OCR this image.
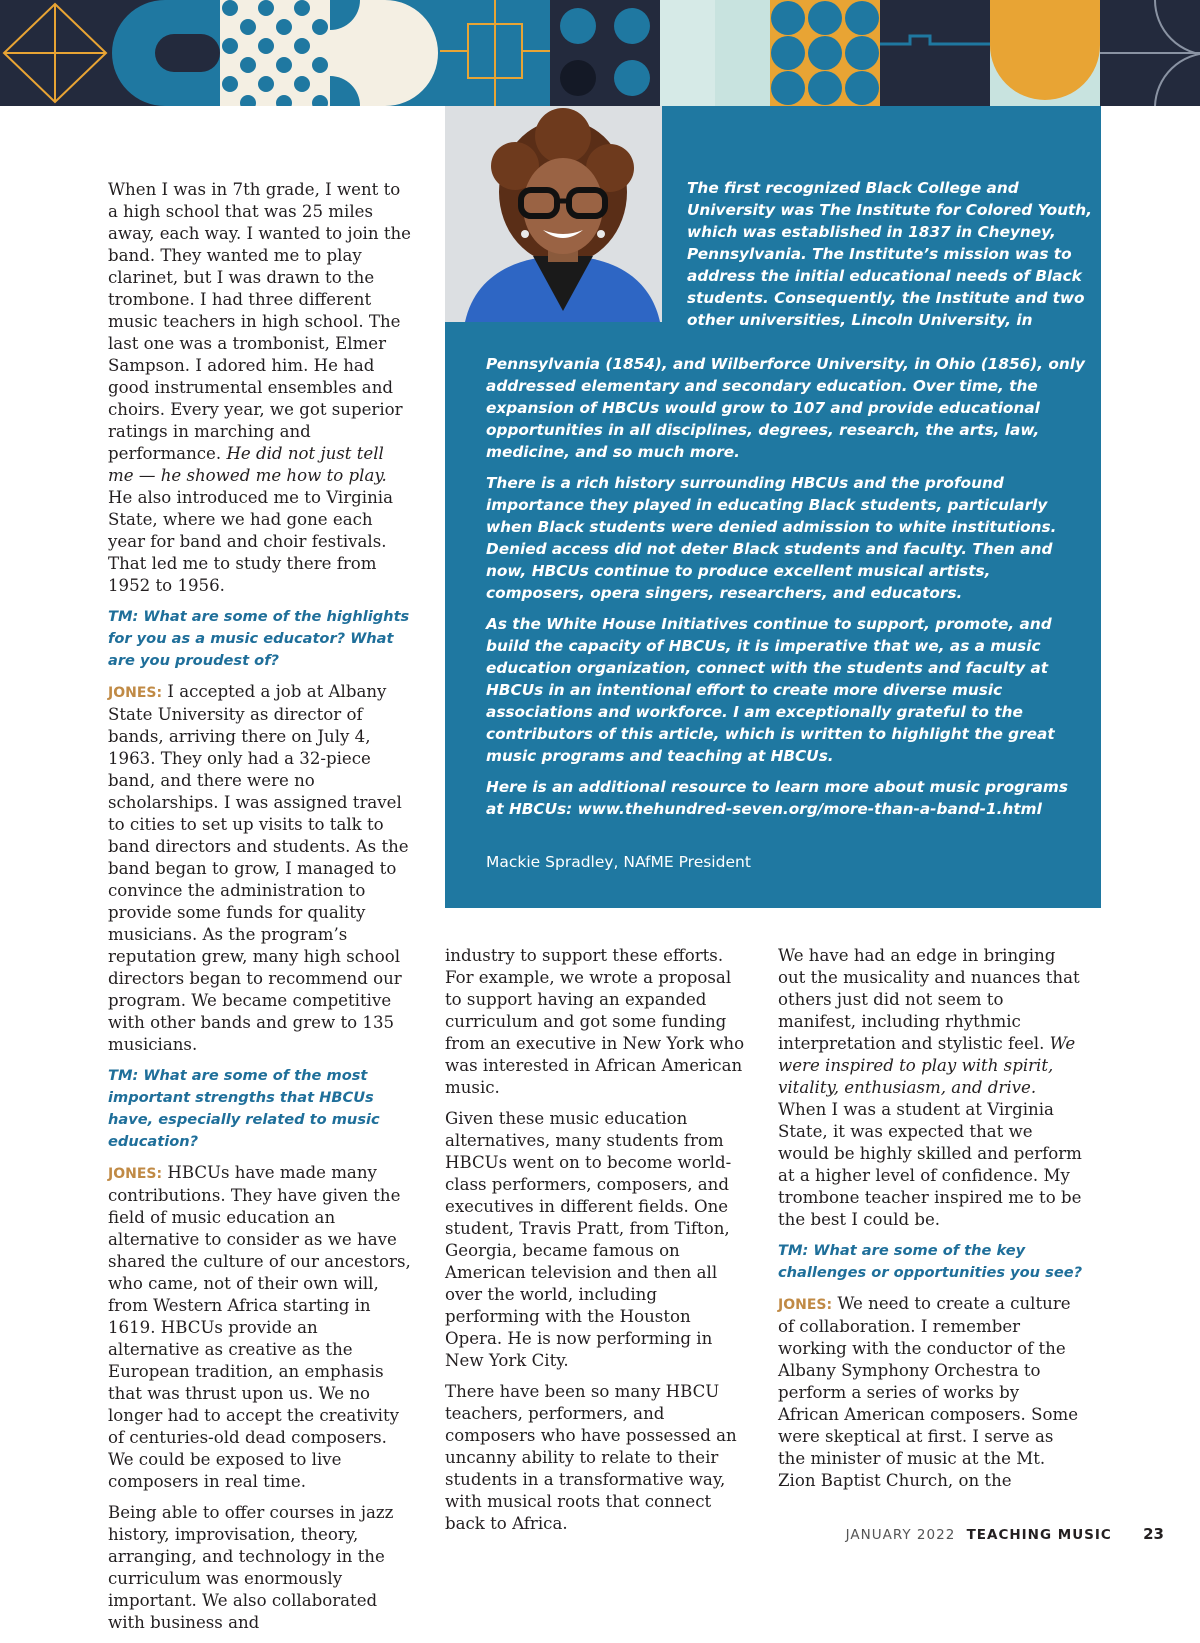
When I was in 7th grade, I went to a high school that was 25 miles away, each way. I wanted to join the band. They wanted me to play clarinet, but I was drawn to the trombone. I had three different music teachers in high school. The last one was a trombonist, Elmer Sampson. I adored him. He had good instrumental ensembles and choirs. Every year, we got superior ratings in marching and performance. He did not just tell me — he showed me how to play. He also introduced me to Virginia State, where we had gone each year for band and choir festivals. That led me to study there from 1952 to 1956.

TM: What are some of the highlights for you as a music educator? What are you proudest of?

JONES: I accepted a job at Albany State University as director of bands, arriving there on July 4, 1963. They only had a 32-piece band, and there were no scholarships. I was assigned travel to cities to set up visits to talk to band directors and students. As the band began to grow, I managed to convince the administration to provide some funds for quality musicians. As the program’s reputation grew, many high school directors began to recommend our program. We became competitive with other bands and grew to 135 musicians.

TM: What are some of the most important strengths that HBCUs have, especially related to music education?

JONES: HBCUs have made many contributions. They have given the field of music education an alternative to consider as we have shared the culture of our ancestors, who came, not of their own will, from Western Africa starting in 1619. HBCUs provide an alternative as creative as the European tradition, an emphasis that was thrust upon us. We no longer had to accept the creativity of centuries-old dead composers. We could be exposed to live composers in real time.

Being able to offer courses in jazz history, improvisation, theory, arranging, and technology in the curriculum was enormously important. We also collaborated with business and

The first recognized Black College and University was The Institute for Colored Youth, which was established in 1837 in Cheyney, Pennsylvania. The Institute’s mission was to address the initial educational needs of Black students. Consequently, the Institute and two other universities, Lincoln University, in
Pennsylvania (1854), and Wilberforce University, in Ohio (1856), only addressed elementary and secondary education. Over time, the expansion of HBCUs would grow to 107 and provide educational opportunities in all disciplines, degrees, research, the arts, law, medicine, and so much more.

There is a rich history surrounding HBCUs and the profound importance they played in educating Black students, particularly when Black students were denied admission to white institutions. Denied access did not deter Black students and faculty. Then and now, HBCUs continue to produce excellent musical artists, composers, opera singers, researchers, and educators.

As the White House Initiatives continue to support, promote, and build the capacity of HBCUs, it is imperative that we, as a music education organization, connect with the students and faculty at HBCUs in an intentional effort to create more diverse music associations and workforce. I am exceptionally grateful to the contributors of this article, which is written to highlight the great music programs and teaching at HBCUs.

Here is an additional resource to learn more about music programs at HBCUs: www.thehundred-seven.org/more-than-a-band-1.html

Mackie Spradley, NAfME President

industry to support these efforts. For example, we wrote a proposal to support having an expanded curriculum and got some funding from an executive in New York who was interested in African American music.

Given these music education alternatives, many students from HBCUs went on to become world-class performers, composers, and executives in different fields. One student, Travis Pratt, from Tifton, Georgia, became famous on American television and then all over the world, including performing with the Houston Opera. He is now performing in New York City.

There have been so many HBCU teachers, performers, and composers who have possessed an uncanny ability to relate to their students in a transformative way, with musical roots that connect back to Africa.

We have had an edge in bringing out the musicality and nuances that others just did not seem to manifest, including rhythmic interpretation and stylistic feel. We were inspired to play with spirit, vitality, enthusiasm, and drive. When I was a student at Virginia State, it was expected that we would be highly skilled and perform at a higher level of confidence. My trombone teacher inspired me to be the best I could be.

TM: What are some of the key challenges or opportunities you see?

JONES: We need to create a culture of collaboration. I remember working with the conductor of the Albany Symphony Orchestra to perform a series of works by African American composers. Some were skeptical at first. I serve as the minister of music at the Mt. Zion Baptist Church, on the

JANUARY 2022 TEACHING MUSIC 23
